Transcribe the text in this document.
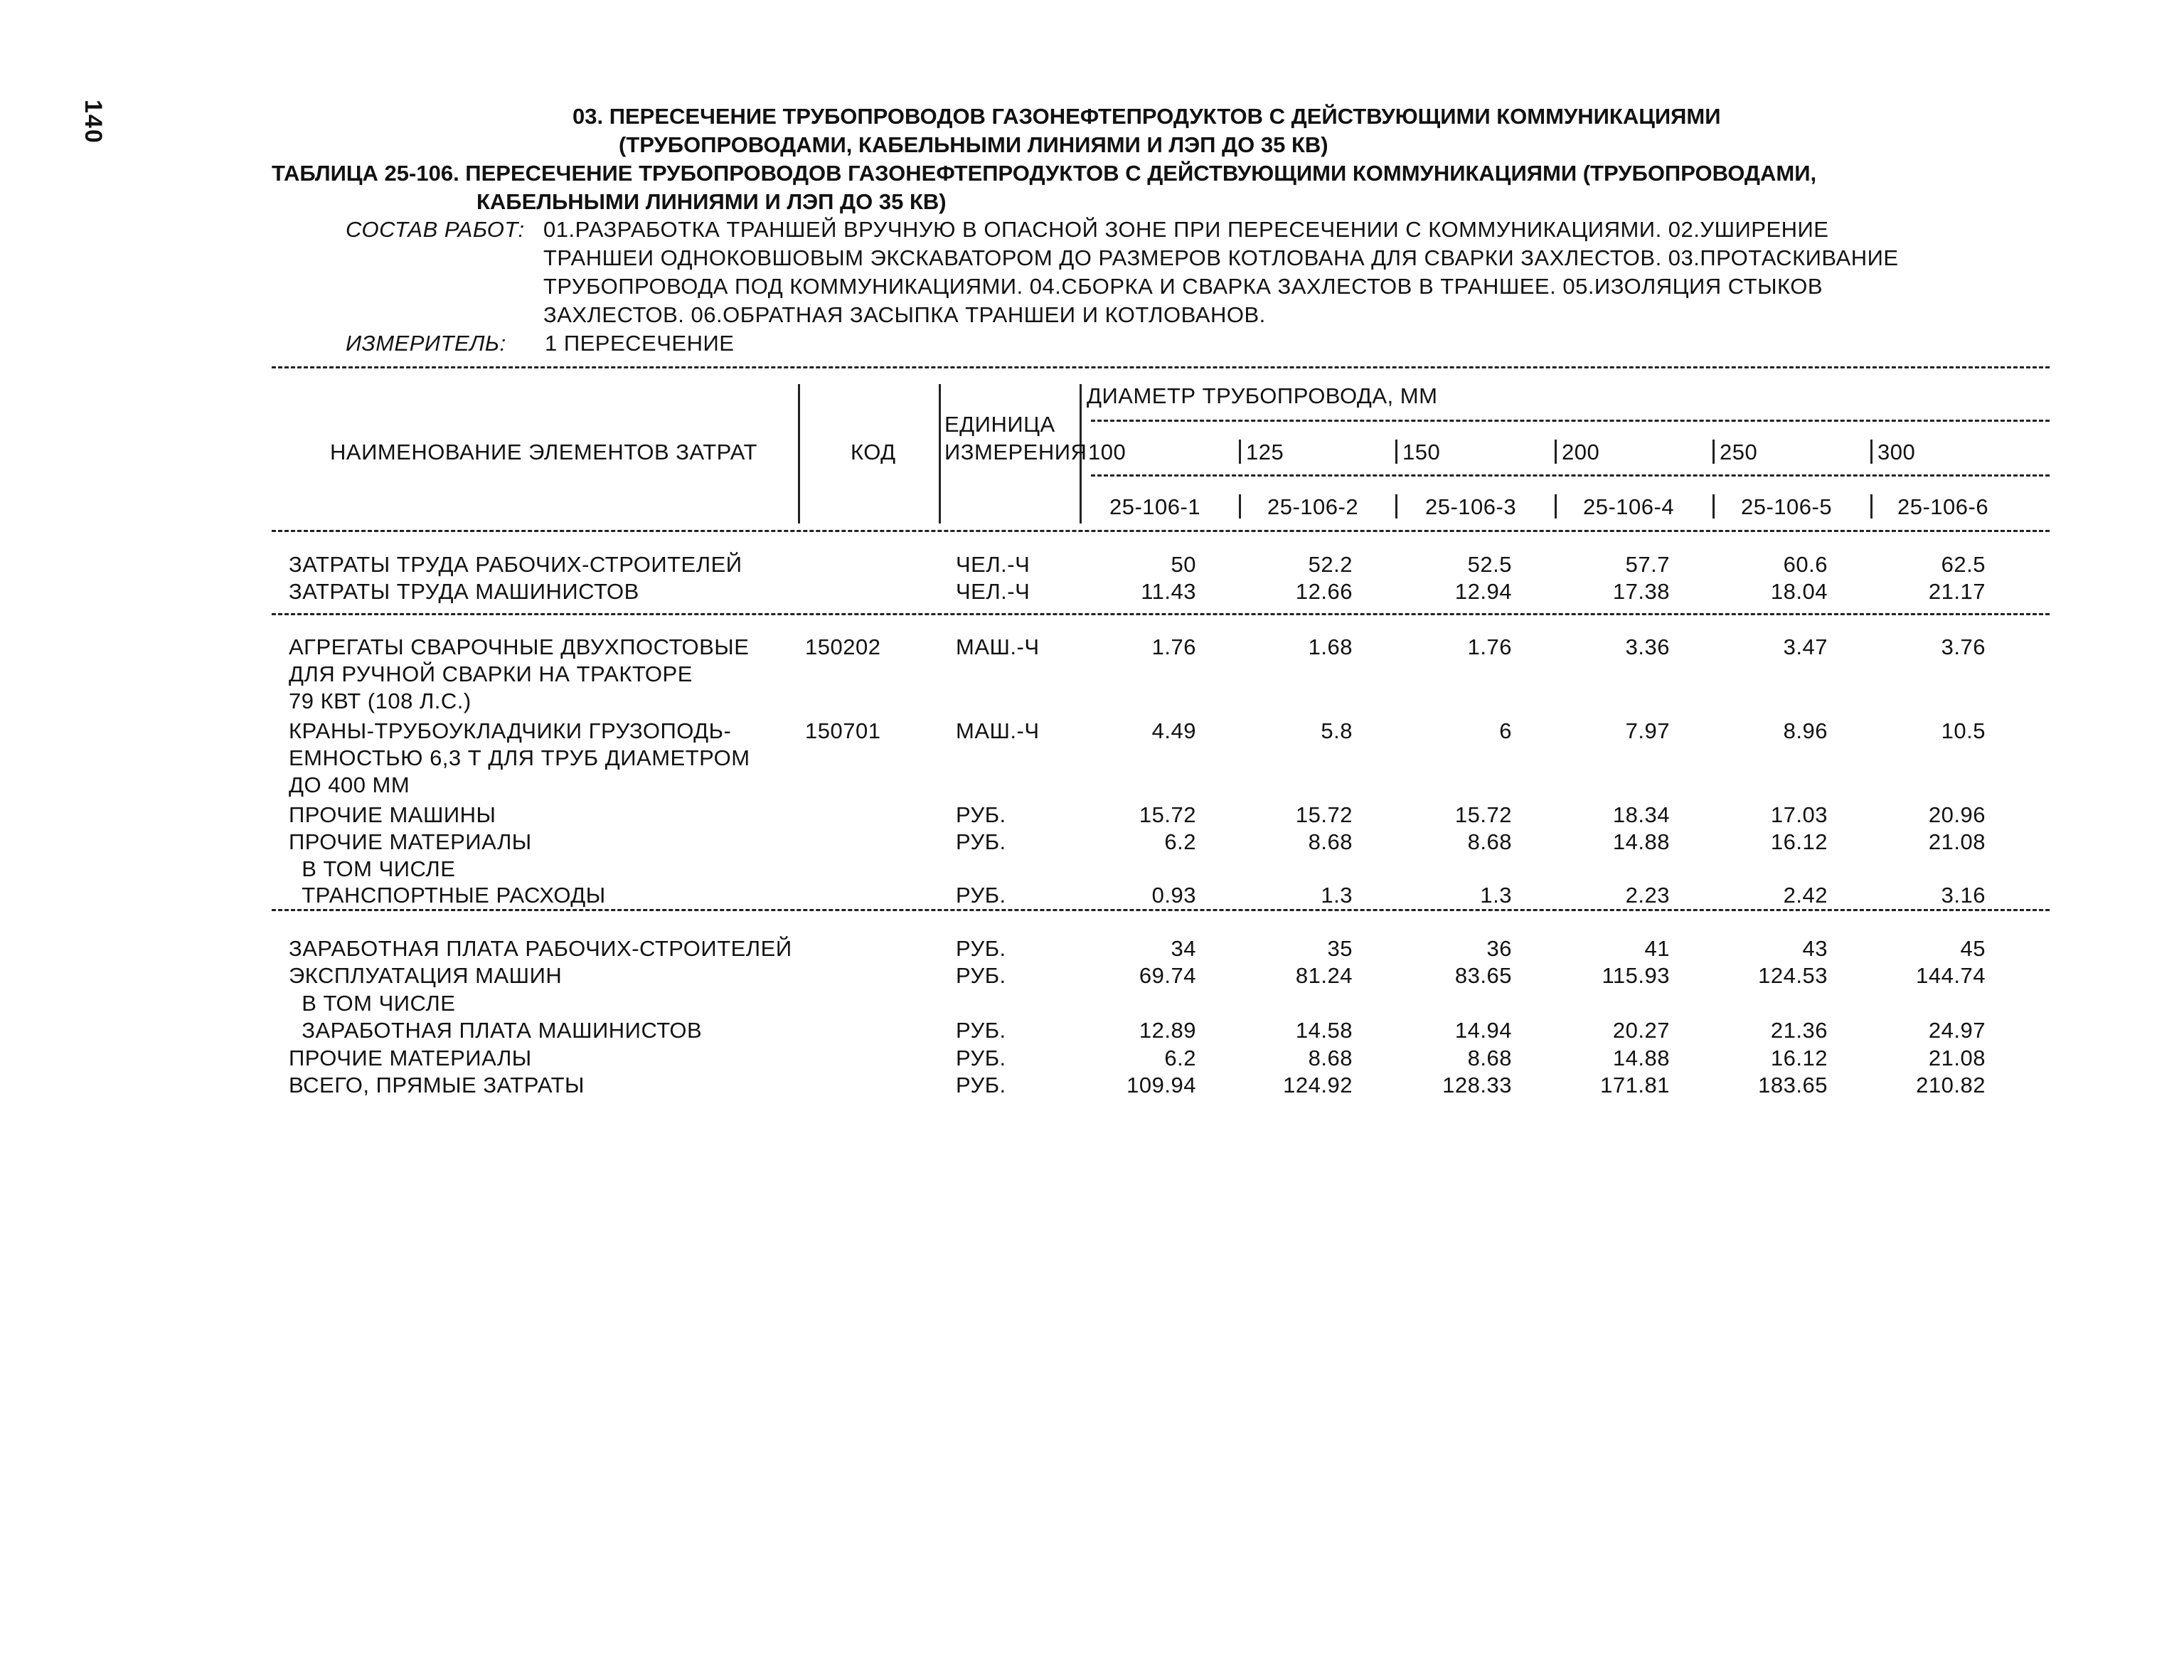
140	03. ПЕРЕСЕЧЕНИЕ ТРУБОПРОВОДОВ ГАЗОНЕФТЕПРОДУКТОВ С ДЕЙСТВУЮЩИМИ КОММУНИКАЦИЯМИ
(ТРУБОПРОВОДАМИ, КАБЕЛЬНЫМИ ЛИНИЯМИ И ЛЭП ДО 35 КВ)
ТАБЛИЦА 25-106. ПЕРЕСЕЧЕНИЕ ТРУБОПРОВОДОВ ГАЗОНЕФТЕПРОДУКТОВ С ДЕЙСТВУЮЩИМИ КОММУНИКАЦИЯМИ (ТРУБОПРОВОДАМИ,
КАБЕЛЬНЫМИ ЛИНИЯМИ И ЛЭП ДО 35 КВ)
СОСТАВ РАБОТ: 01.РАЗРАБОТКА ТРАНШЕЙ ВРУЧНУЮ В ОПАСНОЙ ЗОНЕ ПРИ ПЕРЕСЕЧЕНИИ С КОММУНИКАЦИЯМИ. 02.УШИРЕНИЕ
ТРАНШЕИ ОДНОКОВШОВЫМ ЭКСКАВАТОРОМ ДО РАЗМЕРОВ КОТЛОВАНА ДЛЯ СВАРКИ ЗАХЛЕСТОВ. 03.ПРОТАСКИВАНИЕ
ТРУБОПРОВОДА ПОД КОММУНИКАЦИЯМИ. 04.СБОРКА И СВАРКА ЗАХЛЕСТОВ В ТРАНШЕЕ. 05.ИЗОЛЯЦИЯ СТЫКОВ
ЗАХЛЕСТОВ. 06.ОБРАТНАЯ ЗАСЫПКА ТРАНШЕИ И КОТЛОВАНОВ.
ИЗМЕРИТЕЛЬ: 1 ПЕРЕСЕЧЕНИЕ
НАИМЕНОВАНИЕ ЭЛЕМЕНТОВ ЗАТРАТ	КОД
ЕДИНИЦА
ИЗМЕРЕНИЯ
ДИАМЕТР ТРУБОПРОВОДА, ММ
100	125	150	200	250	300
25-106-1	25-106-2	25-106-3	25-106-4	25-106-5	25-106-6
ЗАТРАТЫ ТРУДА РАБОЧИХ-СТРОИТЕЛЕЙ	ЧЕЛ.-Ч	50	52.2	52.5	57.7	60.6	62.5
ЗАТРАТЫ ТРУДА МАШИНИСТОВ	ЧЕЛ.-Ч	11.43	12.66	12.94	17.38	18.04	21.17
АГРЕГАТЫ СВАРОЧНЫЕ ДВУХПОСТОВЫЕ
ДЛЯ РУЧНОЙ СВАРКИ НА ТРАКТОРЕ
79 КВТ (108 Л.С.)
150202	МАШ.-Ч	1.76	1.68	1.76	3.36	3.47	3.76
КРАНЫ-ТРУБОУКЛАДЧИКИ ГРУЗОПОДЬ-
ЕМНОСТЬЮ 6,3 Т ДЛЯ ТРУБ ДИАМЕТРОМ
ДО 400 ММ
150701	МАШ.-Ч	4.49	5.8	6	7.97	8.96	10.5
ПРОЧИЕ МАШИНЫ	РУБ.	15.72	15.72	15.72	18.34	17.03	20.96
ПРОЧИЕ МАТЕРИАЛЫ	РУБ.	6.2	8.68	8.68	14.88	16.12	21.08
В ТОМ ЧИСЛЕ
ТРАНСПОРТНЫЕ РАСХОДЫ	РУБ.	0.93	1.3	1.3	2.23	2.42	3.16
ЗАРАБОТНАЯ ПЛАТА РАБОЧИХ-СТРОИТЕЛЕЙ	РУБ.	34	35	36	41	43	45
ЭКСПЛУАТАЦИЯ МАШИН	РУБ.	69.74	81.24	83.65	115.93	124.53	144.74
В ТОМ ЧИСЛЕ
ЗАРАБОТНАЯ ПЛАТА МАШИНИСТОВ	РУБ.	12.89	14.58	14.94	20.27	21.36	24.97
ПРОЧИЕ МАТЕРИАЛЫ	РУБ.	6.2	8.68	8.68	14.88	16.12	21.08
ВСЕГО, ПРЯМЫЕ ЗАТРАТЫ	РУБ.	109.94	124.92	128.33	171.81	183.65	210.82
